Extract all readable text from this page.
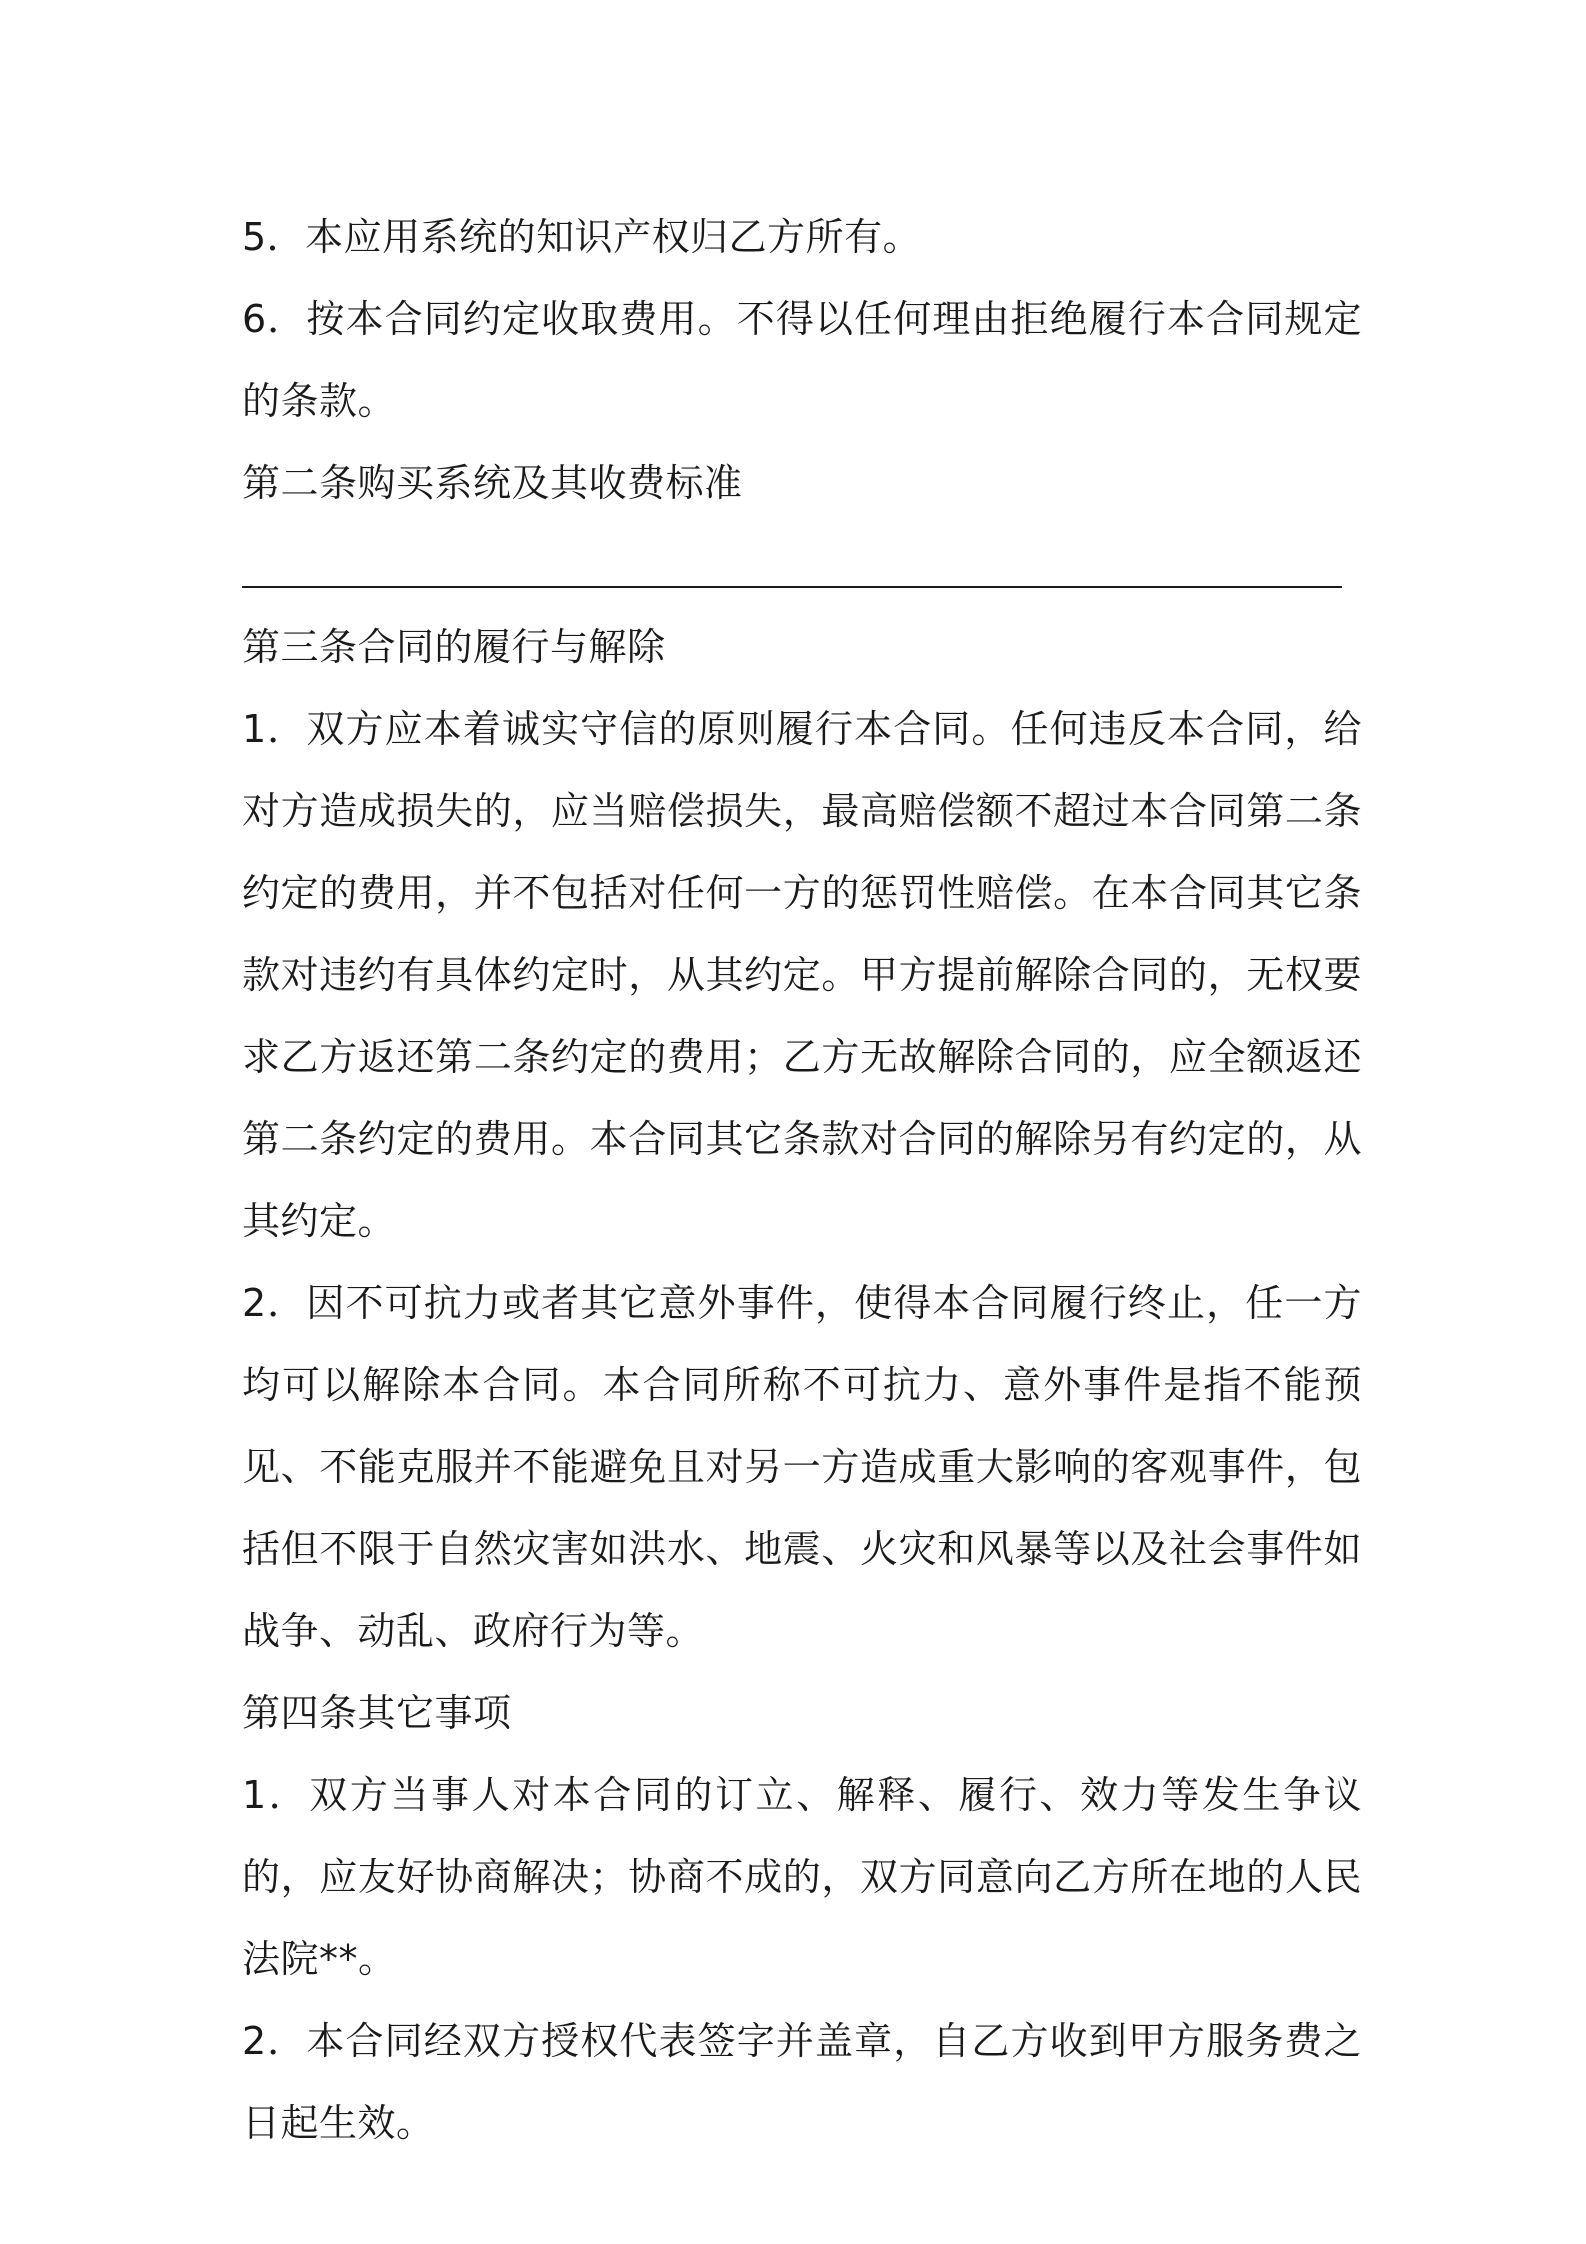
5．本应用系统的知识产权归乙方所有。

6．按本合同约定收取费用。不得以任何理由拒绝履行本合同规定的条款。

第二条购买系统及其收费标准

第三条合同的履行与解除

1．双方应本着诚实守信的原则履行本合同。任何违反本合同，给对方造成损失的，应当赔偿损失，最高赔偿额不超过本合同第二条约定的费用，并不包括对任何一方的惩罚性赔偿。在本合同其它条款对违约有具体约定时，从其约定。甲方提前解除合同的，无权要求乙方返还第二条约定的费用；乙方无故解除合同的，应全额返还第二条约定的费用。本合同其它条款对合同的解除另有约定的，从其约定。

2．因不可抗力或者其它意外事件，使得本合同履行终止，任一方均可以解除本合同。本合同所称不可抗力、意外事件是指不能预见、不能克服并不能避免且对另一方造成重大影响的客观事件，包括但不限于自然灾害如洪水、地震、火灾和风暴等以及社会事件如战争、动乱、政府行为等。

第四条其它事项

1．双方当事人对本合同的订立、解释、履行、效力等发生争议的，应友好协商解决；协商不成的，双方同意向乙方所在地的人民法院**。

2．本合同经双方授权代表签字并盖章，自乙方收到甲方服务费之日起生效。
